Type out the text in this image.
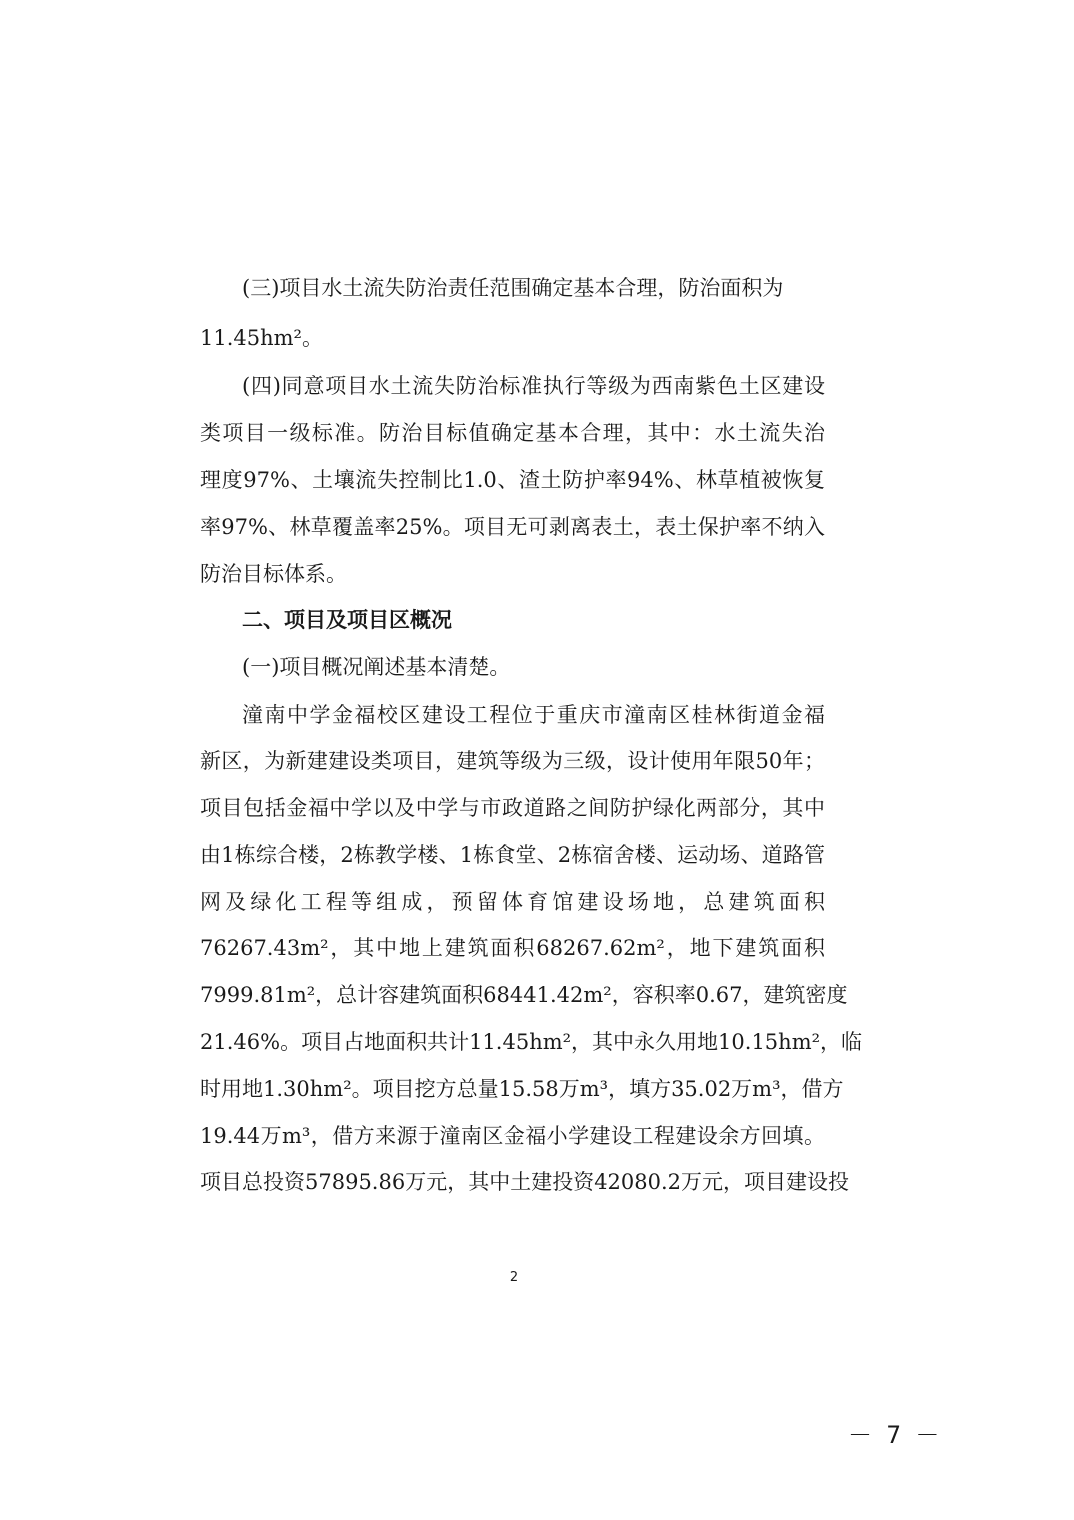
(三)项目水土流失防治责任范围确定基本合理，防治面积为
11.45hm²。
(四)同意项目水土流失防治标准执行等级为西南紫色土区建设
类项目一级标准。防治目标值确定基本合理，其中：水土流失治
理度97%、土壤流失控制比1.0、渣土防护率94%、林草植被恢复
率97%、林草覆盖率25%。项目无可剥离表土，表土保护率不纳入
防治目标体系。
二、项目及项目区概况
(一)项目概况阐述基本清楚。
潼南中学金福校区建设工程位于重庆市潼南区桂林街道金福
新区，为新建建设类项目，建筑等级为三级，设计使用年限50年；
项目包括金福中学以及中学与市政道路之间防护绿化两部分，其中
由1栋综合楼，2栋教学楼、1栋食堂、2栋宿舍楼、运动场、道路管
网及绿化工程等组成，预留体育馆建设场地，总建筑面积
76267.43m²，其中地上建筑面积68267.62m²，地下建筑面积
7999.81m²，总计容建筑面积68441.42m²，容积率0.67，建筑密度
21.46%。项目占地面积共计11.45hm²，其中永久用地10.15hm²，临
时用地1.30hm²。项目挖方总量15.58万m³，填方35.02万m³，借方
19.44万m³，借方来源于潼南区金福小学建设工程建设余方回填。
项目总投资57895.86万元，其中土建投资42080.2万元，项目建设投
2
－ 7 －
